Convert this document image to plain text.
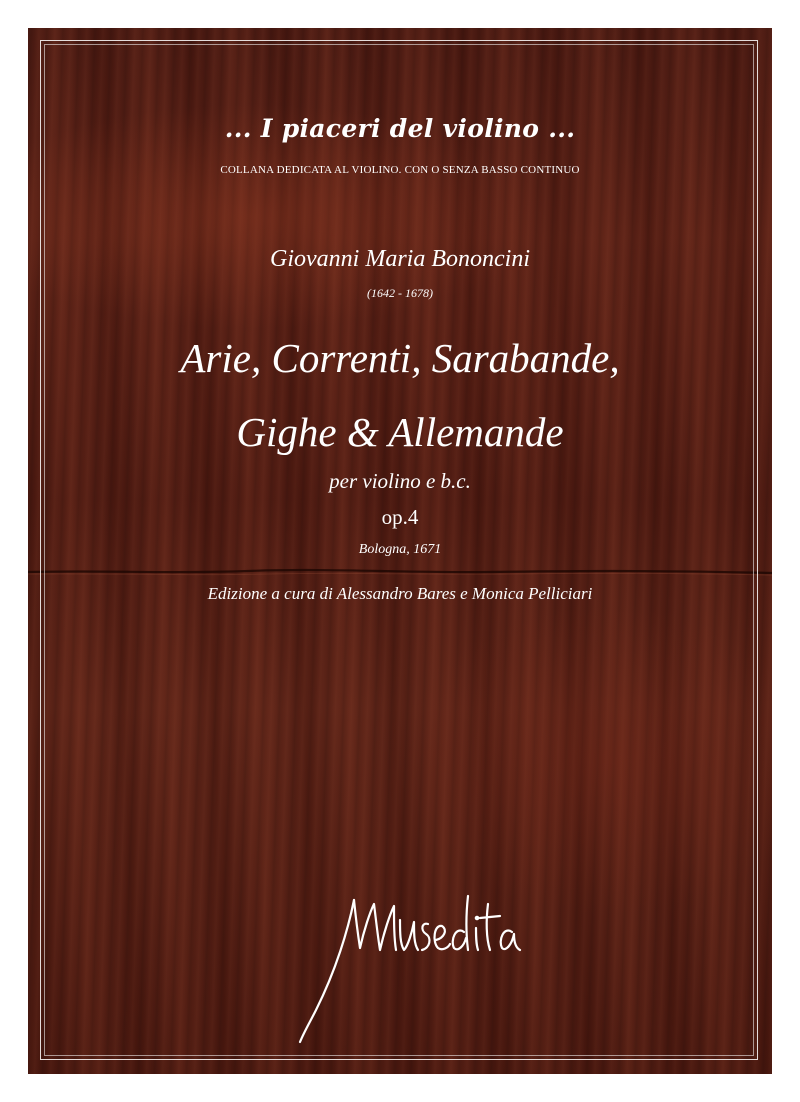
... I piaceri del violino ...
COLLANA DEDICATA AL VIOLINO. CON O SENZA BASSO CONTINUO
Giovanni Maria Bononcini
(1642 - 1678)
Arie, Correnti, Sarabande,
Gighe & Allemande
per violino e b.c.
op.4
Bologna, 1671
Edizione a cura di Alessandro Bares e Monica Pelliciari
